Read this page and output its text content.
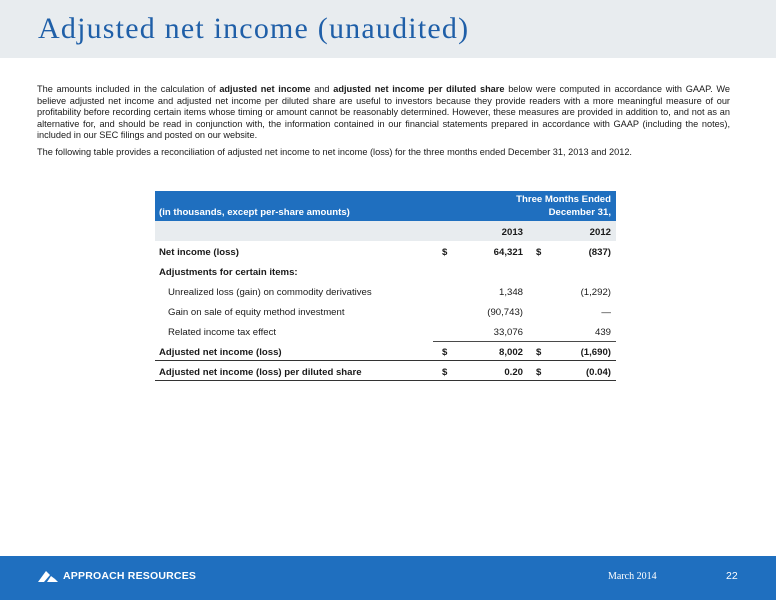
Adjusted net income (unaudited)

The amounts included in the calculation of adjusted net income and adjusted net income per diluted share below were computed in accordance with GAAP. We believe adjusted net income and adjusted net income per diluted share are useful to investors because they provide readers with a more meaningful measure of our profitability before recording certain items whose timing or amount cannot be reasonably determined. However, these measures are provided in addition to, and not as an alternative for, and should be read in conjunction with, the information contained in our financial statements prepared in accordance with GAAP (including the notes), included in our SEC filings and posted on our website.

The following table provides a reconciliation of adjusted net income to net income (loss) for the three months ended December 31, 2013 and 2012.

(in thousands, except per-share amounts)
Three Months Ended
December 31,
2013	2012
Net income (loss)	$	64,321 $	(837)
Adjustments for certain items:
Unrealized loss (gain) on commodity derivatives	1,348	(1,292)
Gain on sale of equity method investment	(90,743)	—
Related income tax effect	33,076	439
Adjusted net income (loss)	$	8,002 $	(1,690)
Adjusted net income (loss) per diluted share	$	0.20 $	(0.04)
APPROACH RESOURCES	March 2014	22
